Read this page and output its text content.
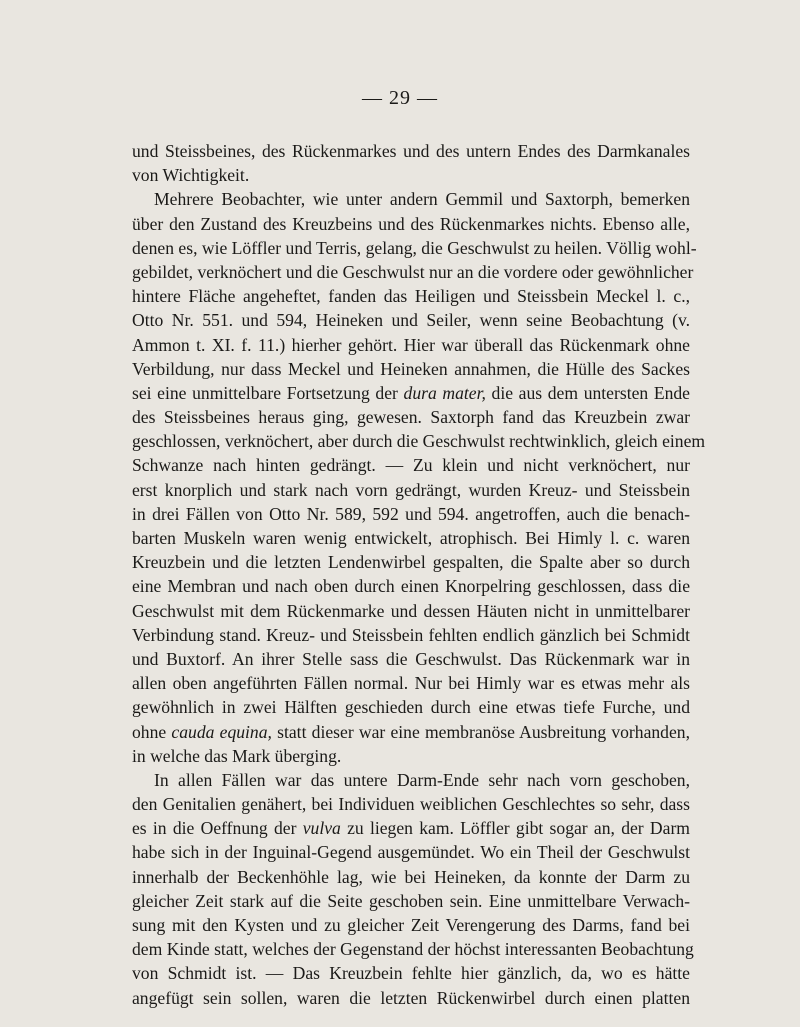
— 29 —
und Steissbeines, des Rückenmarkes und des untern Endes des Darmkanales
von Wichtigkeit.
Mehrere Beobachter, wie unter andern Gemmil und Saxtorph, bemerken
über den Zustand des Kreuzbeins und des Rückenmarkes nichts. Ebenso alle,
denen es, wie Löffler und Terris, gelang, die Geschwulst zu heilen. Völlig wohl-
gebildet, verknöchert und die Geschwulst nur an die vordere oder gewöhnlicher
hintere Fläche angeheftet, fanden das Heiligen und Steissbein Meckel l. c.,
Otto Nr. 551. und 594, Heineken und Seiler, wenn seine Beobachtung (v.
Ammon t. XI. f. 11.) hierher gehört. Hier war überall das Rückenmark ohne
Verbildung, nur dass Meckel und Heineken annahmen, die Hülle des Sackes
sei eine unmittelbare Fortsetzung der dura mater, die aus dem untersten Ende
des Steissbeines heraus ging, gewesen. Saxtorph fand das Kreuzbein zwar
geschlossen, verknöchert, aber durch die Geschwulst rechtwinklich, gleich einem
Schwanze nach hinten gedrängt. — Zu klein und nicht verknöchert, nur
erst knorplich und stark nach vorn gedrängt, wurden Kreuz- und Steissbein
in drei Fällen von Otto Nr. 589, 592 und 594. angetroffen, auch die benach-
barten Muskeln waren wenig entwickelt, atrophisch. Bei Himly l. c. waren
Kreuzbein und die letzten Lendenwirbel gespalten, die Spalte aber so durch
eine Membran und nach oben durch einen Knorpelring geschlossen, dass die
Geschwulst mit dem Rückenmarke und dessen Häuten nicht in unmittelbarer
Verbindung stand. Kreuz- und Steissbein fehlten endlich gänzlich bei Schmidt
und Buxtorf. An ihrer Stelle sass die Geschwulst. Das Rückenmark war in
allen oben angeführten Fällen normal. Nur bei Himly war es etwas mehr als
gewöhnlich in zwei Hälften geschieden durch eine etwas tiefe Furche, und
ohne cauda equina, statt dieser war eine membranöse Ausbreitung vorhanden,
in welche das Mark überging.
In allen Fällen war das untere Darm-Ende sehr nach vorn geschoben,
den Genitalien genähert, bei Individuen weiblichen Geschlechtes so sehr, dass
es in die Oeffnung der vulva zu liegen kam. Löffler gibt sogar an, der Darm
habe sich in der Inguinal-Gegend ausgemündet. Wo ein Theil der Geschwulst
innerhalb der Beckenhöhle lag, wie bei Heineken, da konnte der Darm zu
gleicher Zeit stark auf die Seite geschoben sein. Eine unmittelbare Verwach-
sung mit den Kysten und zu gleicher Zeit Verengerung des Darms, fand bei
dem Kinde statt, welches der Gegenstand der höchst interessanten Beobachtung
von Schmidt ist. — Das Kreuzbein fehlte hier gänzlich, da, wo es hätte
angefügt sein sollen, waren die letzten Rückenwirbel durch einen platten
